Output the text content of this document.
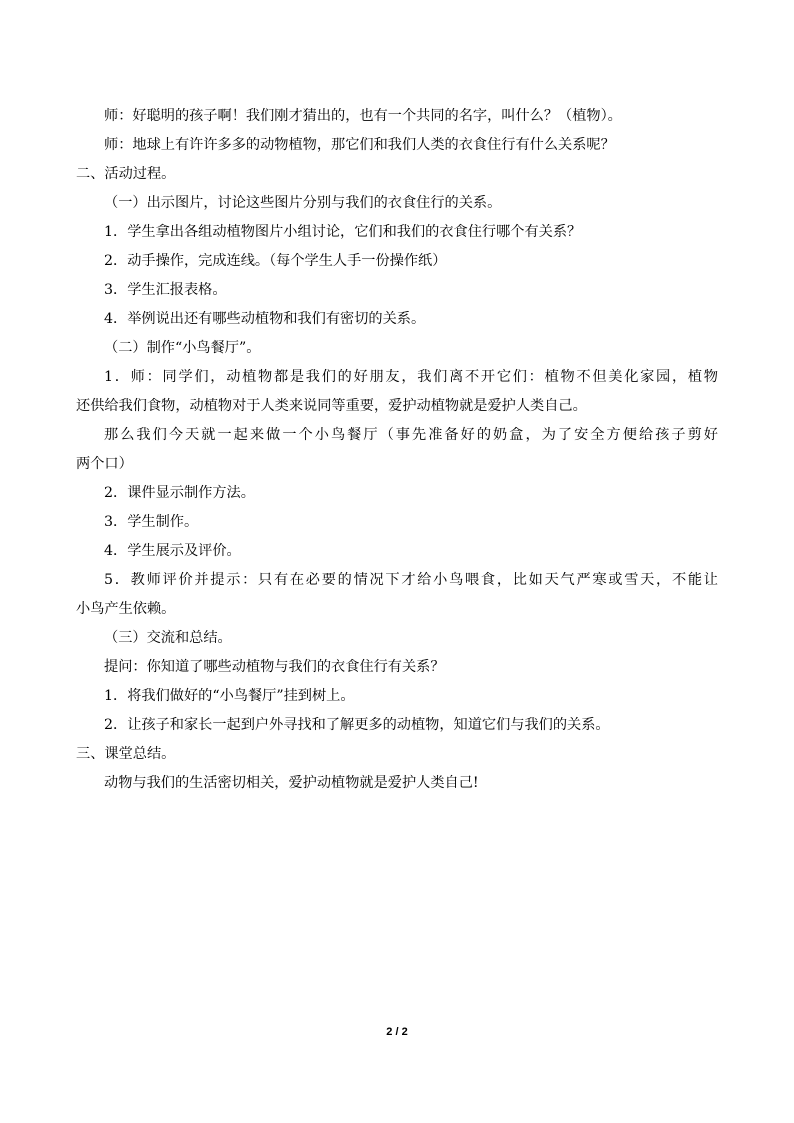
师：好聪明的孩子啊！我们刚才猜出的，也有一个共同的名字，叫什么？（植物）。
师：地球上有许许多多的动物植物，那它们和我们人类的衣食住行有什么关系呢？
二、活动过程。
（一）出示图片，讨论这些图片分别与我们的衣食住行的关系。
1．学生拿出各组动植物图片小组讨论，它们和我们的衣食住行哪个有关系？
2．动手操作，完成连线。（每个学生人手一份操作纸）
3．学生汇报表格。
4．举例说出还有哪些动植物和我们有密切的关系。
（二）制作“小鸟餐厅”。
1．师：同学们，动植物都是我们的好朋友，我们离不开它们：植物不但美化家园，植物
还供给我们食物，动植物对于人类来说同等重要，爱护动植物就是爱护人类自己。
那么我们今天就一起来做一个小鸟餐厅（事先准备好的奶盒，为了安全方便给孩子剪好
两个口）
2．课件显示制作方法。
3．学生制作。
4．学生展示及评价。
5．教师评价并提示：只有在必要的情况下才给小鸟喂食，比如天气严寒或雪天，不能让
小鸟产生依赖。
（三）交流和总结。
提问：你知道了哪些动植物与我们的衣食住行有关系？
1．将我们做好的“小鸟餐厅”挂到树上。
2．让孩子和家长一起到户外寻找和了解更多的动植物，知道它们与我们的关系。
三、课堂总结。
动物与我们的生活密切相关，爱护动植物就是爱护人类自己!
2 / 2
